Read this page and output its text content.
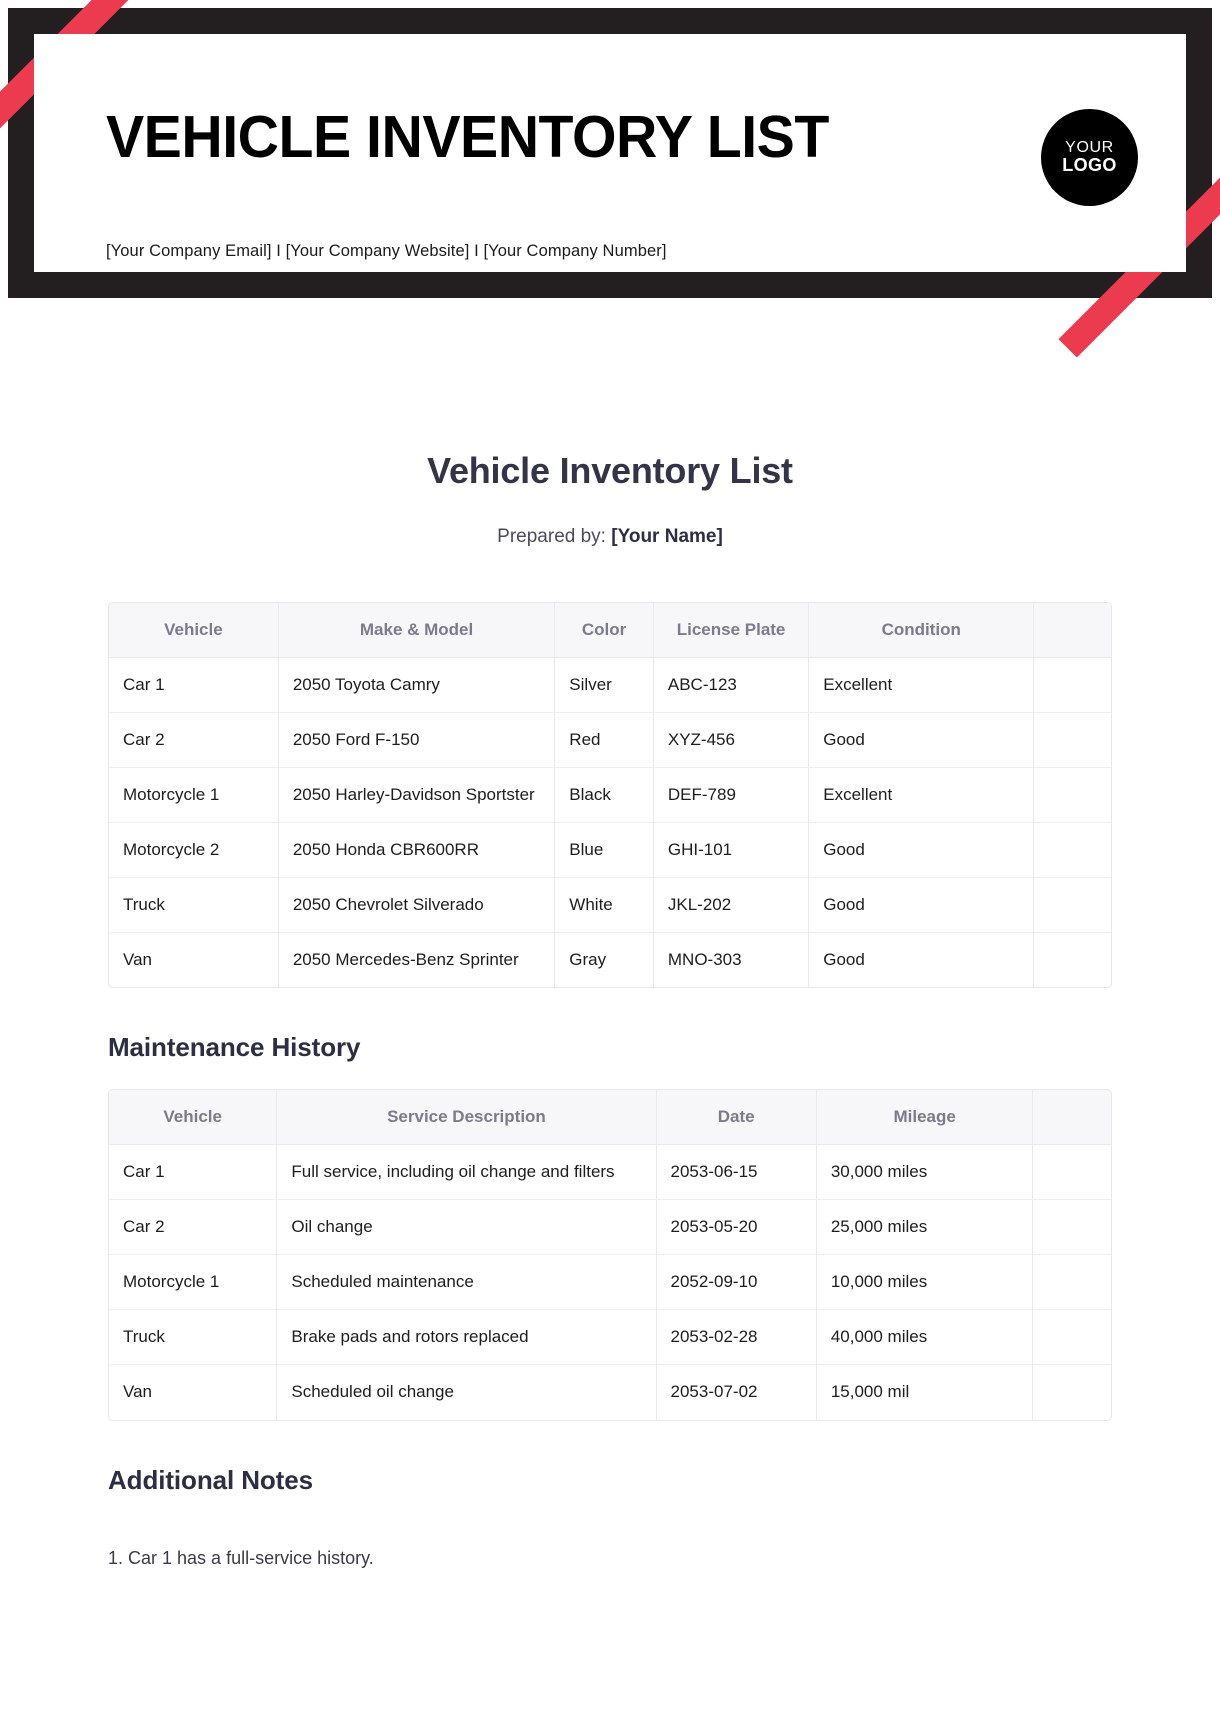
VEHICLE INVENTORY LIST
[Your Company Email] I [Your Company Website] I [Your Company Number]
YOUR
LOGO
Vehicle Inventory List
Prepared by: [Your Name]
Vehicle	Make & Model	Color	License Plate	Condition	
Car 1	2050 Toyota Camry	Silver	ABC-123	Excellent	
Car 2	2050 Ford F-150	Red	XYZ-456	Good	
Motorcycle 1	2050 Harley-Davidson Sportster	Black	DEF-789	Excellent	
Motorcycle 2	2050 Honda CBR600RR	Blue	GHI-101	Good	
Truck	2050 Chevrolet Silverado	White	JKL-202	Good	
Van	2050 Mercedes-Benz Sprinter	Gray	MNO-303	Good	
Maintenance History
Vehicle	Service Description	Date	Mileage	
Car 1	Full service, including oil change and filters	2053-06-15	30,000 miles	
Car 2	Oil change	2053-05-20	25,000 miles	
Motorcycle 1	Scheduled maintenance	2052-09-10	10,000 miles	
Truck	Brake pads and rotors replaced	2053-02-28	40,000 miles	
Van	Scheduled oil change	2053-07-02	15,000 mil	
Additional Notes
1. Car 1 has a full-service history.
